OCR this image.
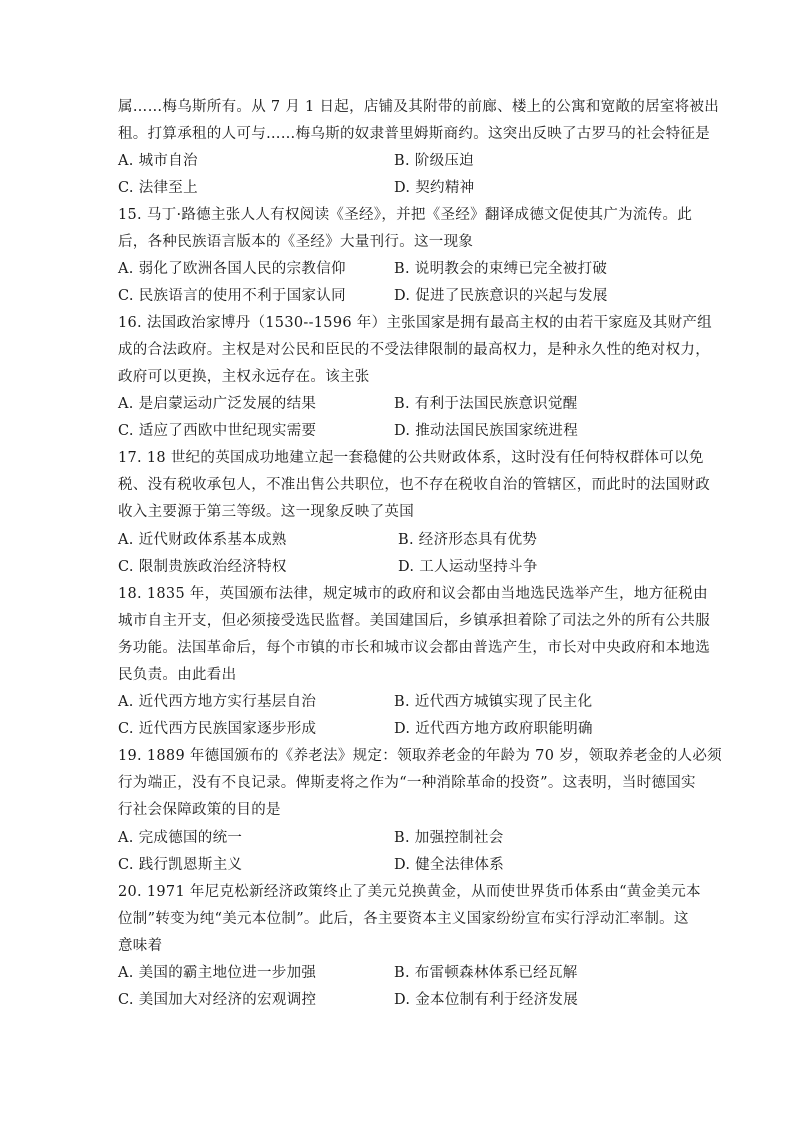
属……梅乌斯所有。从 7 月 1 日起，店铺及其附带的前廊、楼上的公寓和宽敞的居室将被出
租。打算承租的人可与……梅乌斯的奴隶普里姆斯商约。这突出反映了古罗马的社会特征是
A. 城市自治	B. 阶级压迫
C. 法律至上	D. 契约精神
15. 马丁·路德主张人人有权阅读《圣经》，并把《圣经》翻译成德文促使其广为流传。此
后，各种民族语言版本的《圣经》大量刊行。这一现象
A. 弱化了欧洲各国人民的宗教信仰	B. 说明教会的束缚已完全被打破
C. 民族语言的使用不利于国家认同	D. 促进了民族意识的兴起与发展
16. 法国政治家博丹（1530--1596 年）主张国家是拥有最高主权的由若干家庭及其财产组
成的合法政府。主权是对公民和臣民的不受法律限制的最高权力，是种永久性的绝对权力，
政府可以更换，主权永远存在。该主张
A. 是启蒙运动广泛发展的结果	B. 有利于法国民族意识觉醒
C. 适应了西欧中世纪现实需要	D. 推动法国民族国家统进程
17. 18 世纪的英国成功地建立起一套稳健的公共财政体系，这时没有任何特权群体可以免
税、没有税收承包人，不准出售公共职位，也不存在税收自治的管辖区，而此时的法国财政
收入主要源于第三等级。这一现象反映了英国
A. 近代财政体系基本成熟	B. 经济形态具有优势
C. 限制贵族政治经济特权	D. 工人运动坚持斗争
18. 1835 年，英国颁布法律，规定城市的政府和议会都由当地选民选举产生，地方征税由
城市自主开支，但必须接受选民监督。美国建国后，乡镇承担着除了司法之外的所有公共服
务功能。法国革命后，每个市镇的市长和城市议会都由普选产生，市长对中央政府和本地选
民负责。由此看出
A. 近代西方地方实行基层自治	B. 近代西方城镇实现了民主化
C. 近代西方民族国家逐步形成	D. 近代西方地方政府职能明确
19. 1889 年德国颁布的《养老法》规定：领取养老金的年龄为 70 岁，领取养老金的人必须
行为端正，没有不良记录。俾斯麦将之作为“一种消除革命的投资”。这表明，当时德国实
行社会保障政策的目的是
A. 完成德国的统一	B. 加强控制社会
C. 践行凯恩斯主义	D. 健全法律体系
20. 1971 年尼克松新经济政策终止了美元兑换黄金，从而使世界货币体系由“黄金美元本
位制”转变为纯“美元本位制”。此后，各主要资本主义国家纷纷宣布实行浮动汇率制。这
意味着
A. 美国的霸主地位进一步加强	B. 布雷顿森林体系已经瓦解
C. 美国加大对经济的宏观调控	D. 金本位制有利于经济发展
